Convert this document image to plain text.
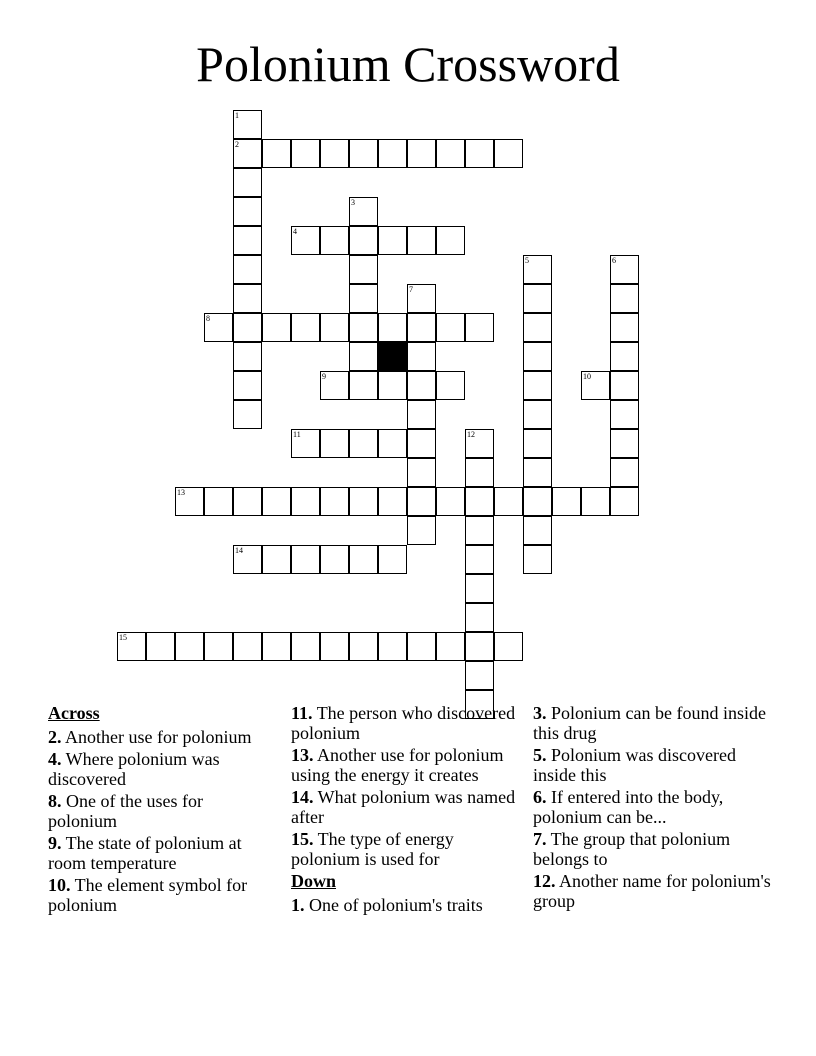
Polonium Crossword
1
2
3
4
5	6
7
8
9	10
11	12
13
14
15
Across
2. Another use for polonium
4. Where polonium was discovered
8. One of the uses for polonium
9. The state of polonium at room temperature
10. The element symbol for polonium
11. The person who discovered polonium
13. Another use for polonium using the energy it creates
14. What polonium was named after
15. The type of energy polonium is used for
Down
1. One of polonium's traits
3. Polonium can be found inside this drug
5. Polonium was discovered inside this
6. If entered into the body, polonium can be...
7. The group that polonium belongs to
12. Another name for polonium's group
